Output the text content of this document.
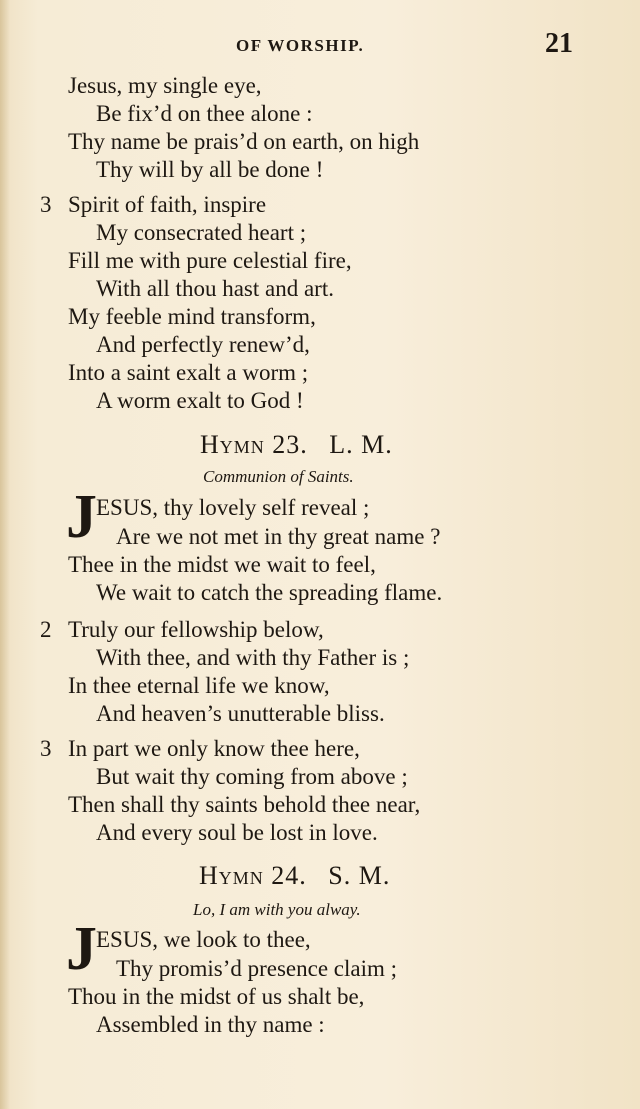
OF WORSHIP.	21
Jesus, my single eye,
Be fix’d on thee alone :
Thy name be prais’d on earth, on high
Thy will by all be done !
3 Spirit of faith, inspire
My consecrated heart ;
Fill me with pure celestial fire,
With all thou hast and art.
My feeble mind transform,
And perfectly renew’d,
Into a saint exalt a worm ;
A worm exalt to God !
Hymn 23. L. M.
Communion of Saints.
J ESUS, thy lovely self reveal ;
Are we not met in thy great name ?
Thee in the midst we wait to feel,
We wait to catch the spreading flame.
2 Truly our fellowship below,
With thee, and with thy Father is ;
In thee eternal life we know,
And heaven’s unutterable bliss.
3 In part we only know thee here,
But wait thy coming from above ;
Then shall thy saints behold thee near,
And every soul be lost in love.
Hymn 24. S. M.
Lo, I am with you alway.
J ESUS, we look to thee,
Thy promis’d presence claim ;
Thou in the midst of us shalt be,
Assembled in thy name :
